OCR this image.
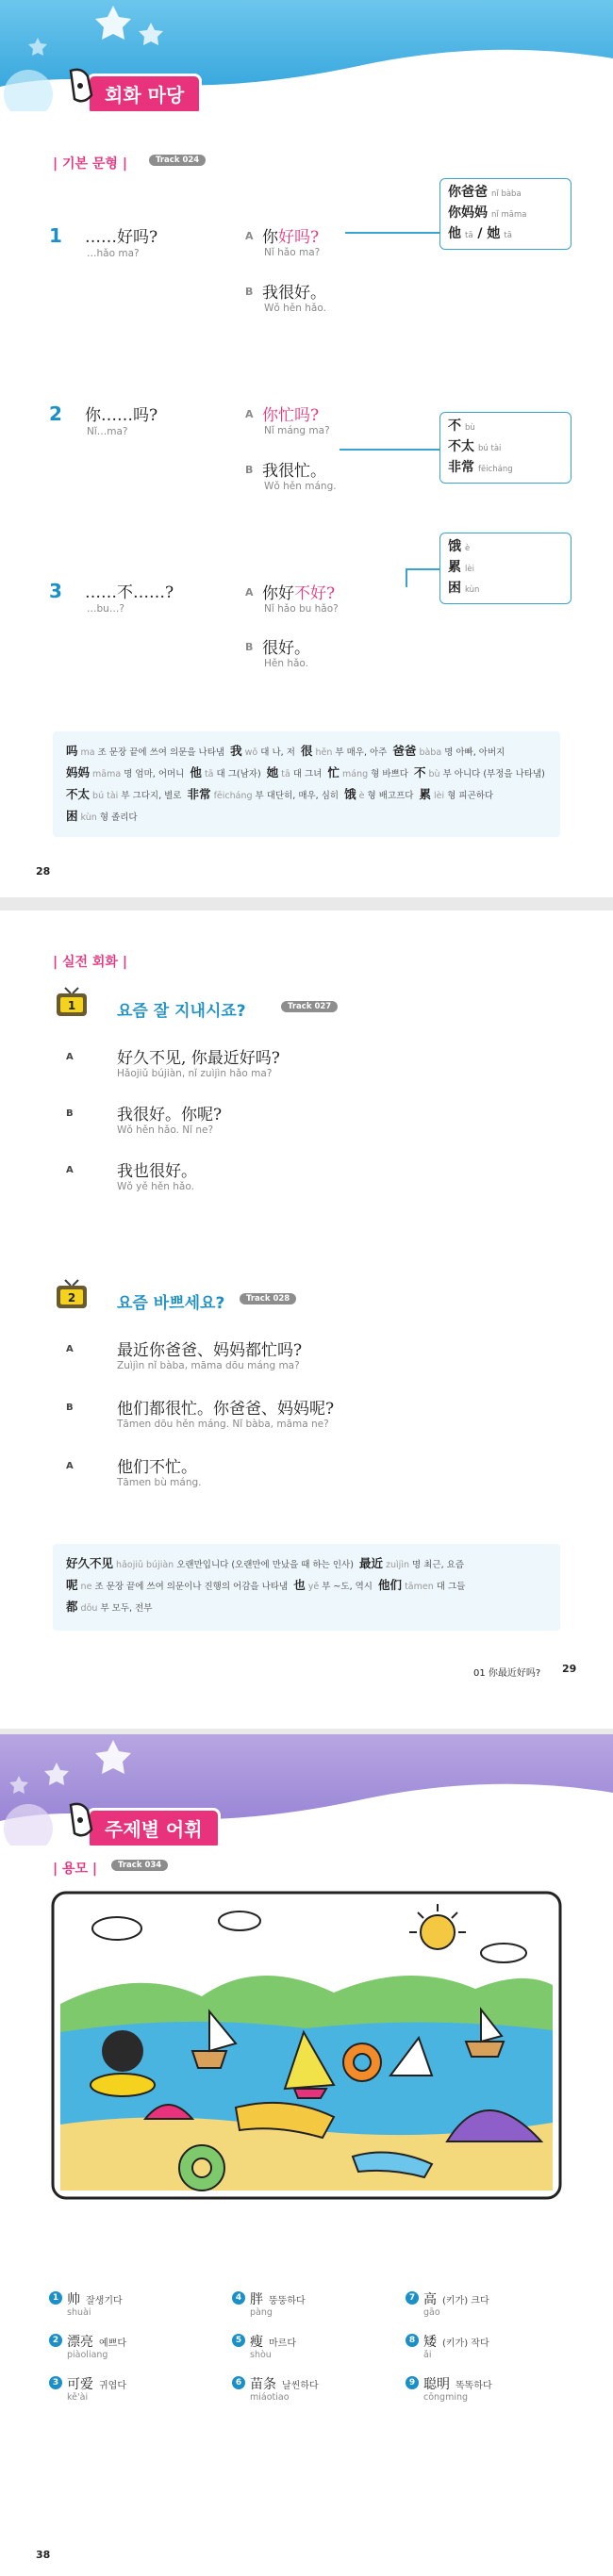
회화 마당
| 기본 문형 |	Track 024
1 ……好吗?
…hǎo ma?
A 你好吗?
Nǐ hǎo ma?
B 我很好。
Wǒ hěn hǎo.
你爸爸 nǐ bàba
你妈妈 nǐ māma
他tā / 她 tā
2 你……吗?
Nǐ…ma?
A 你忙吗?
Nǐ máng ma?
B 我很忙。
Wǒ hěn máng.
不bù
不太 bú tài
非常 fēicháng
3 ……不……?
…bu…?
A 你好不好?
Nǐ hǎo bu hǎo?
B 很好。
Hěn hǎo.
饿è
累lèi
困kùn
吗 ma 조 문장 끝에 쓰여 의문을 나타냄 我 wǒ 대 나, 저 很 hěn 부 매우, 아주 爸爸 bàba 명 아빠, 아버지
妈妈 māma 명 엄마, 어머니 他 tā 대 그(남자) 她 tā 대 그녀 忙 máng 형 바쁘다 不 bù 부 아니다 (부정을 나타냄)
不太 bú tài 부 그다지, 별로 非常 fēicháng 부 대단히, 매우, 심히 饿 è 형 배고프다 累 lèi 형 피곤하다
困 kùn 형 졸리다
28
| 실전 회화 |
1	요즘 잘 지내시죠?	Track 027
A	好久不见, 你最近好吗?
Hǎojiǔ bújiàn, nǐ zuìjìn hǎo ma?
B	我很好。你呢?
Wǒ hěn hǎo. Nǐ ne?
A	我也很好。
Wǒ yě hěn hǎo.
2	요즘 바쁘세요?	Track 028
A	最近你爸爸、妈妈都忙吗?
Zuìjìn nǐ bàba, māma dōu máng ma?
B	他们都很忙。你爸爸、妈妈呢?
Tāmen dōu hěn máng. Nǐ bàba, māma ne?
A	他们不忙。
Tāmen bù máng.
好久不见 hǎojiǔ bújiàn 오랜만입니다 (오랜만에 만났을 때 하는 인사) 最近 zuìjìn 명 최근, 요즘
呢 ne 조 문장 끝에 쓰여 의문이나 진행의 어감을 나타냄 也 yě 부 ~도, 역시 他们 tāmen 대 그들
都 dōu 부 모두, 전부
01 你最近好吗? 29
주제별 어휘
| 용모 |	Track 034
1 帅 잘생기다
shuài
4 胖 뚱뚱하다
pàng
7 高 (키가) 크다
gāo
2 漂亮 예쁘다
piàoliang
5 瘦 마르다
shòu
8 矮 (키가) 작다
ǎi
3 可爱 귀엽다
kě'ài
6 苗条 날씬하다
miáotiao
9 聪明 똑똑하다
cōngming
38
